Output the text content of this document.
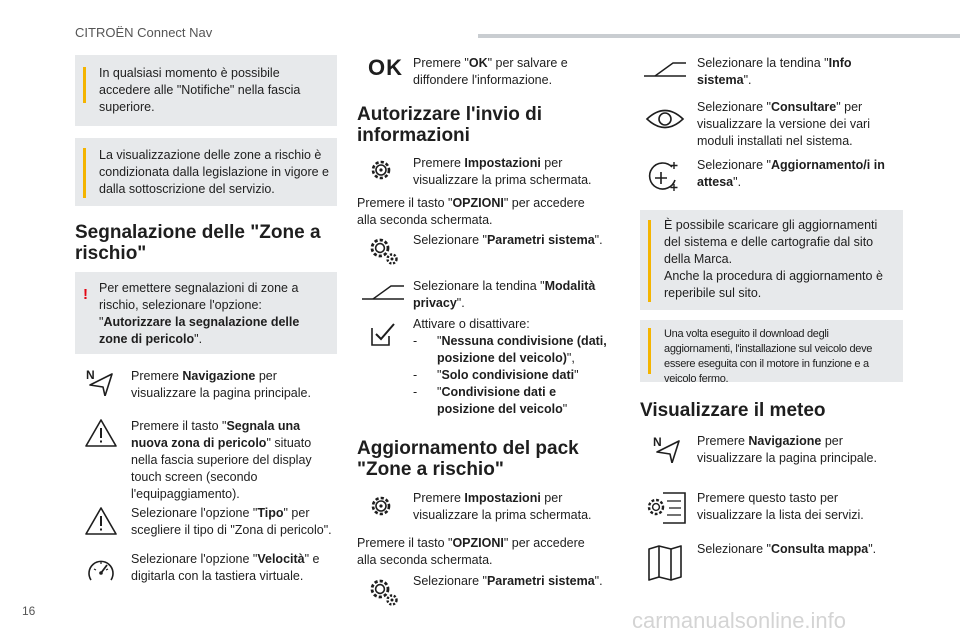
CITROËN Connect Nav
In qualsiasi momento è possibile accedere alle "Notifiche" nella fascia superiore.
La visualizzazione delle zone a rischio è condizionata dalla legislazione in vigore e dalla sottoscrizione del servizio.
Segnalazione delle "Zone a rischio"
! Per emettere segnalazioni di zone a rischio, selezionare l'opzione: "Autorizzare la segnalazione delle zone di pericolo".
N	Premere Navigazione per visualizzare la pagina principale.
Premere il tasto "Segnala una nuova zona di pericolo" situato nella fascia superiore del display touch screen (secondo l'equipaggiamento).
Selezionare l'opzione "Tipo" per scegliere il tipo di "Zona di pericolo".
Selezionare l'opzione "Velocità" e digitarla con la tastiera virtuale.
OK Premere "OK" per salvare e diffondere l'informazione.
Autorizzare l'invio di informazioni
Premere Impostazioni per visualizzare la prima schermata.
Premere il tasto "OPZIONI" per accedere alla seconda schermata.
Selezionare "Parametri sistema".
Selezionare la tendina "Modalità privacy".
Attivare o disattivare:
- "Nessuna condivisione (dati, posizione del veicolo)",
- "Solo condivisione dati"
- "Condivisione dati e posizione del veicolo"
Aggiornamento del pack "Zone a rischio"
Premere Impostazioni per visualizzare la prima schermata.
Premere il tasto "OPZIONI" per accedere alla seconda schermata.
Selezionare "Parametri sistema".
Selezionare la tendina "Info sistema".
Selezionare "Consultare" per visualizzare la versione dei vari moduli installati nel sistema.
Selezionare "Aggiornamento/i in attesa".
È possibile scaricare gli aggiornamenti del sistema e delle cartografie dal sito della Marca.
Anche la procedura di aggiornamento è reperibile sul sito.
Una volta eseguito il download degli aggiornamenti, l'installazione sul veicolo deve essere eseguita con il motore in funzione e a veicolo fermo.
Visualizzare il meteo
N	Premere Navigazione per visualizzare la pagina principale.
Premere questo tasto per visualizzare la lista dei servizi.
Selezionare "Consulta mappa".
16	carmanualsonline.info
